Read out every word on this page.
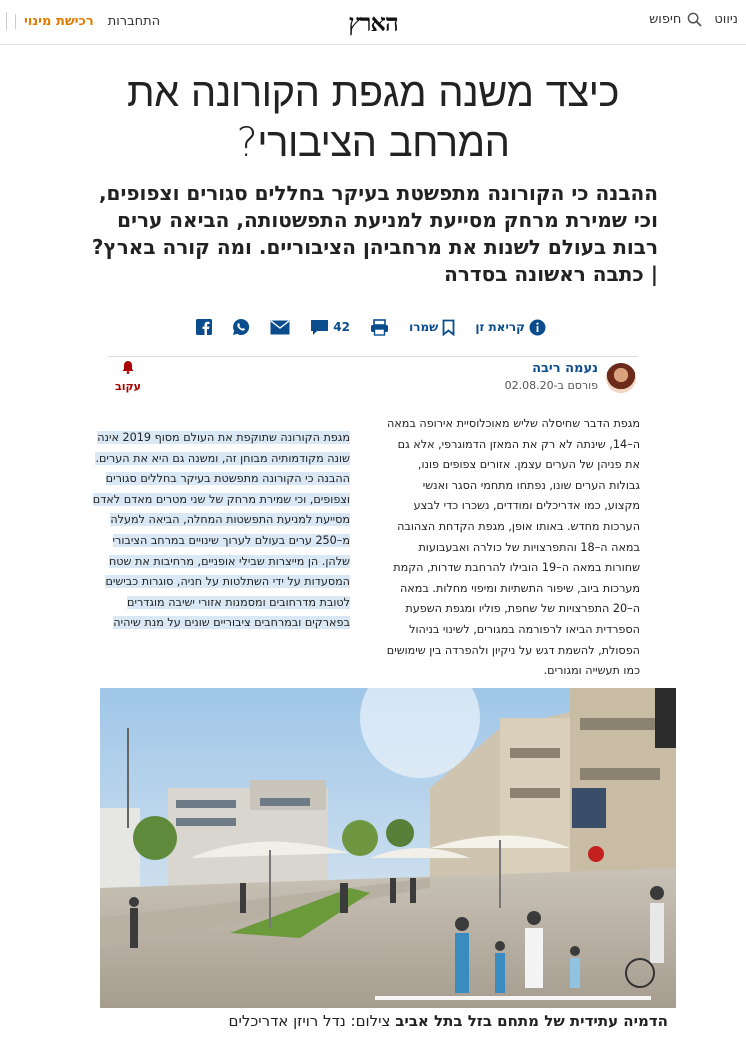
ניווט
חיפוש
הארץ
התחברות
רכישת מינוי
כיצד משנה מגפת הקורונה את
המרחב הציבורי?
ההבנה כי הקורונה מתפשטת בעיקר בחללים סגורים וצפופים,
וכי שמירת מרחק מסייעת למניעת התפשטותה, הביאה ערים
רבות בעולם לשנות את מרחביהן הציבוריים. ומה קורה בארץ?
| כתבה ראשונה בסדרה
קריאת זן
שמרו
42
נעמה ריבה
פורסם ב-02.08.20
עקוב
מגפת הדבר שחיסלה שליש מאוכלוסיית אירופה במאה
ה–14, שינתה לא רק את המאזן הדמוגרפי, אלא גם
את פניהן של הערים עצמן. אזורים צפופים פונו,
גבולות הערים שונו, נפתחו מתחמי הסגר ואנשי
מקצוע, כמו אדריכלים ומודדים, נשכרו כדי לבצע
הערכות מחדש. באותו אופן, מגפת הקדחת הצהובה
במאה ה–18 והתפרצויות של כולרה ואבעבועות
שחורות במאה ה–19 הובילו להרחבת שדרות, הקמת
מערכות ביוב, שיפור התשתיות ומיפוי מחלות. במאה
ה–20 התפרצויות של שחפת, פוליו ומגפת השפעת
הספרדית הביאו לרפורמה במגורים, לשינוי בניהול
הפסולת, להשמת דגש על ניקיון ולהפרדה בין שימושים
כמו תעשייה ומגורים.
מגפת הקורונה שתוקפת את העולם מסוף 2019 אינה
שונה מקודמותיה מבוחן זה, ומשנה גם היא את הערים.
ההבנה כי הקורונה מתפשטת בעיקר בחללים סגורים
וצפופים, וכי שמירת מרחק של שני מטרים מאדם לאדם
מסייעת למניעת התפשטות המחלה, הביאה למעלה
מ–250 ערים בעולם לערוך שינויים במרחב הציבורי
שלהן. הן מייצרות שבילי אופניים, מרחיבות את שטח
המסעדות על ידי השתלטות על חניה, סוגרות כבישים
לטובת מדרחובים ומסמנות אזורי ישיבה מוגדרים
בפארקים ובמרחבים ציבוריים שונים על מנת שיהיה
הדמיה עתידית של מתחם בזל בתל אביב צילום: נדל רויזן אדריכלים
